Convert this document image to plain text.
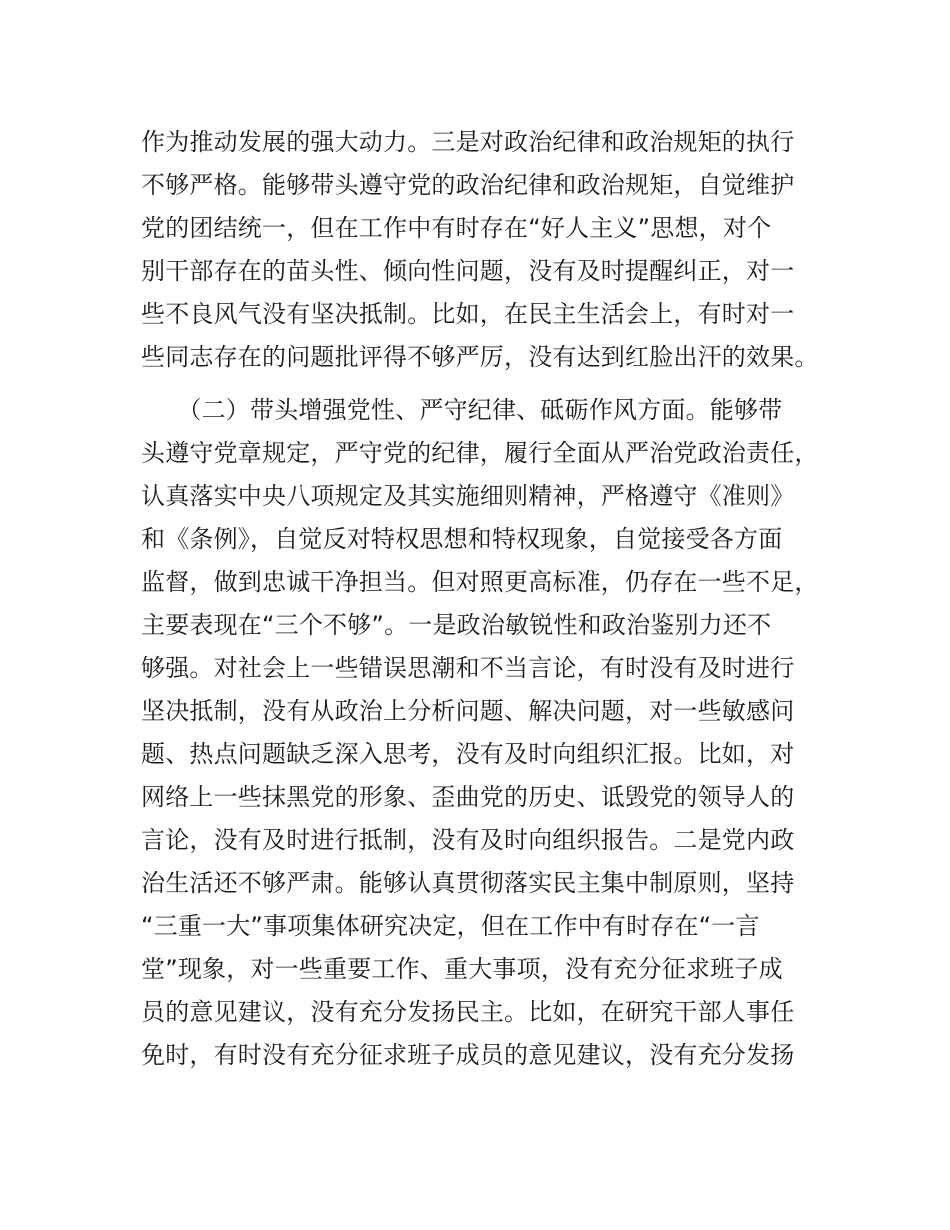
作为推动发展的强大动力。三是对政治纪律和政治规矩的执行
不够严格。能够带头遵守党的政治纪律和政治规矩，自觉维护
党的团结统一，但在工作中有时存在“好人主义”思想，对个
别干部存在的苗头性、倾向性问题，没有及时提醒纠正，对一
些不良风气没有坚决抵制。比如，在民主生活会上，有时对一
些同志存在的问题批评得不够严厉，没有达到红脸出汗的效果。
　　（二）带头增强党性、严守纪律、砥砺作风方面。能够带
头遵守党章规定，严守党的纪律，履行全面从严治党政治责任，
认真落实中央八项规定及其实施细则精神，严格遵守《准则》
和《条例》，自觉反对特权思想和特权现象，自觉接受各方面
监督，做到忠诚干净担当。但对照更高标准，仍存在一些不足，
主要表现在“三个不够”。一是政治敏锐性和政治鉴别力还不
够强。对社会上一些错误思潮和不当言论，有时没有及时进行
坚决抵制，没有从政治上分析问题、解决问题，对一些敏感问
题、热点问题缺乏深入思考，没有及时向组织汇报。比如，对
网络上一些抹黑党的形象、歪曲党的历史、诋毁党的领导人的
言论，没有及时进行抵制，没有及时向组织报告。二是党内政
治生活还不够严肃。能够认真贯彻落实民主集中制原则，坚持
“三重一大”事项集体研究决定，但在工作中有时存在“一言
堂”现象，对一些重要工作、重大事项，没有充分征求班子成
员的意见建议，没有充分发扬民主。比如，在研究干部人事任
免时，有时没有充分征求班子成员的意见建议，没有充分发扬
